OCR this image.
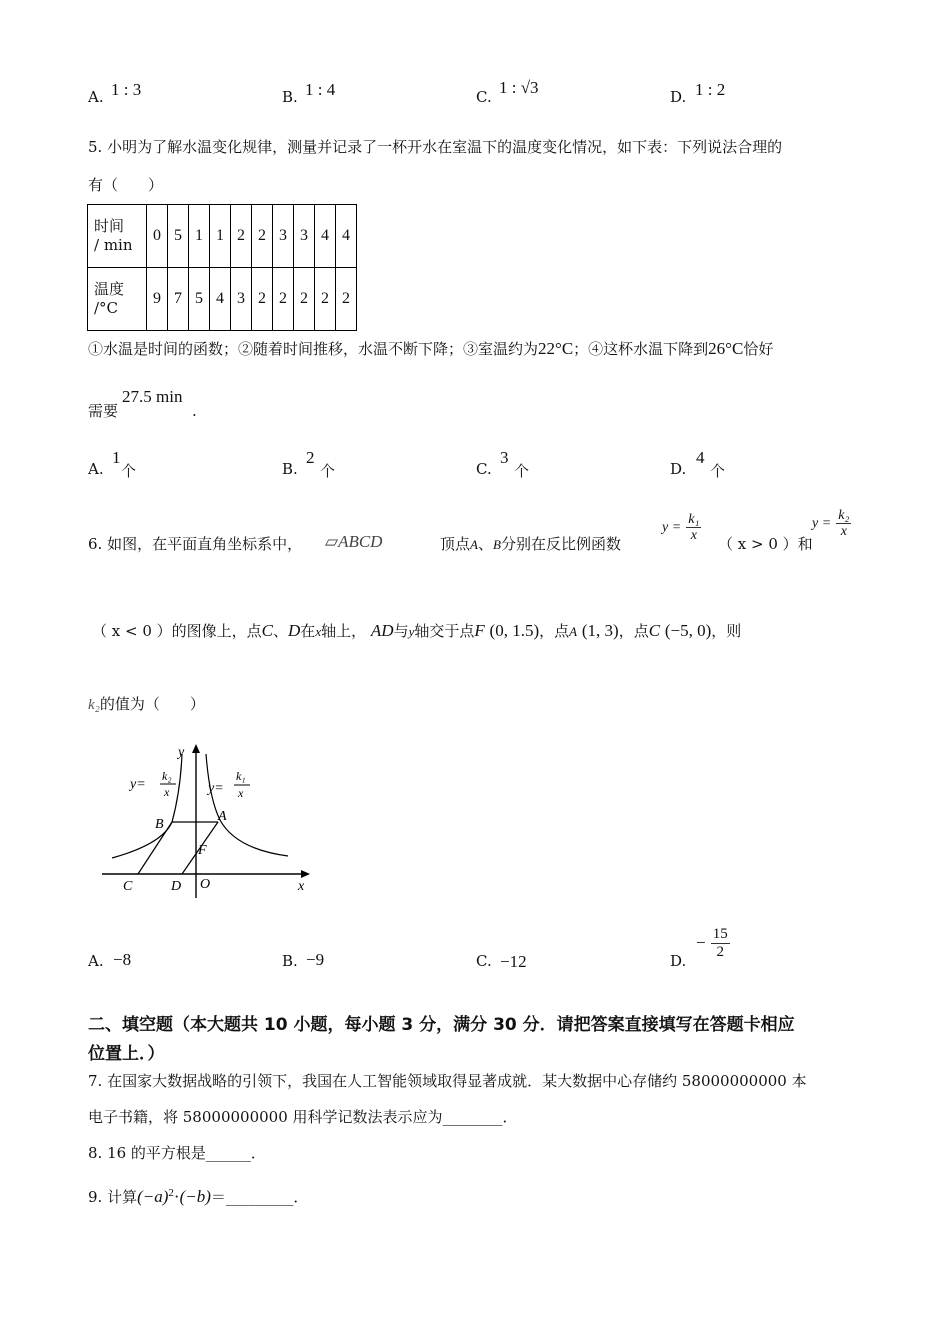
A. 1 : 3	B. 1 : 4	C. 1 : √3	D. 1 : 2
5. 小明为了解水温变化规律，测量并记录了一杯开水在室温下的温度变化情况，如下表：下列说法合理的
有（　　）
时间
/ min	0	5	1	1	2	2	3	3	4	4
温度
/°C	9	7	5	4	3	2	2	2	2	2
①水温是时间的函数；②随着时间推移，水温不断下降；③室温约为22°C；④这杯水温下降到26°C恰好
需要
27.5 min
.
A.
1
个	B.
2
个	C.
3
个	D.
4
个
6. 如图，在平面直角坐标系中， ▱ABCD	顶点A、B分别在反比例函数
$y = \frac{\text{k₁}}{x}$
（ x > 0 ）和
$y = \frac{\text{k₂}}{x}$
（ x < 0 ）的图像上，点C、D在x轴上， AD与y轴交于点F (0, 1.5)，点A (1, 3)，点C (−5, 0)，则
k₂的值为（　　）
y
x
y=
k₂
x	y=
k₁
x
B
A
F
C	D O
A. −8	B. −9	C. −12	D.
− $\frac{15}{2}$
二、填空题（本大题共 10 小题，每小题 3 分，满分 30 分．请把答案直接填写在答题卡相应
位置上．）
7. 在国家大数据战略的引领下，我国在人工智能领域取得显著成就．某大数据中心存储约 58000000000 本
电子书籍，将 58000000000 用科学记数法表示应为________．
8. 16 的平方根是______．
9. 计算$(-a)^2\cdot(-b)=\_\_\_\_\_\_\_\_\_$．
